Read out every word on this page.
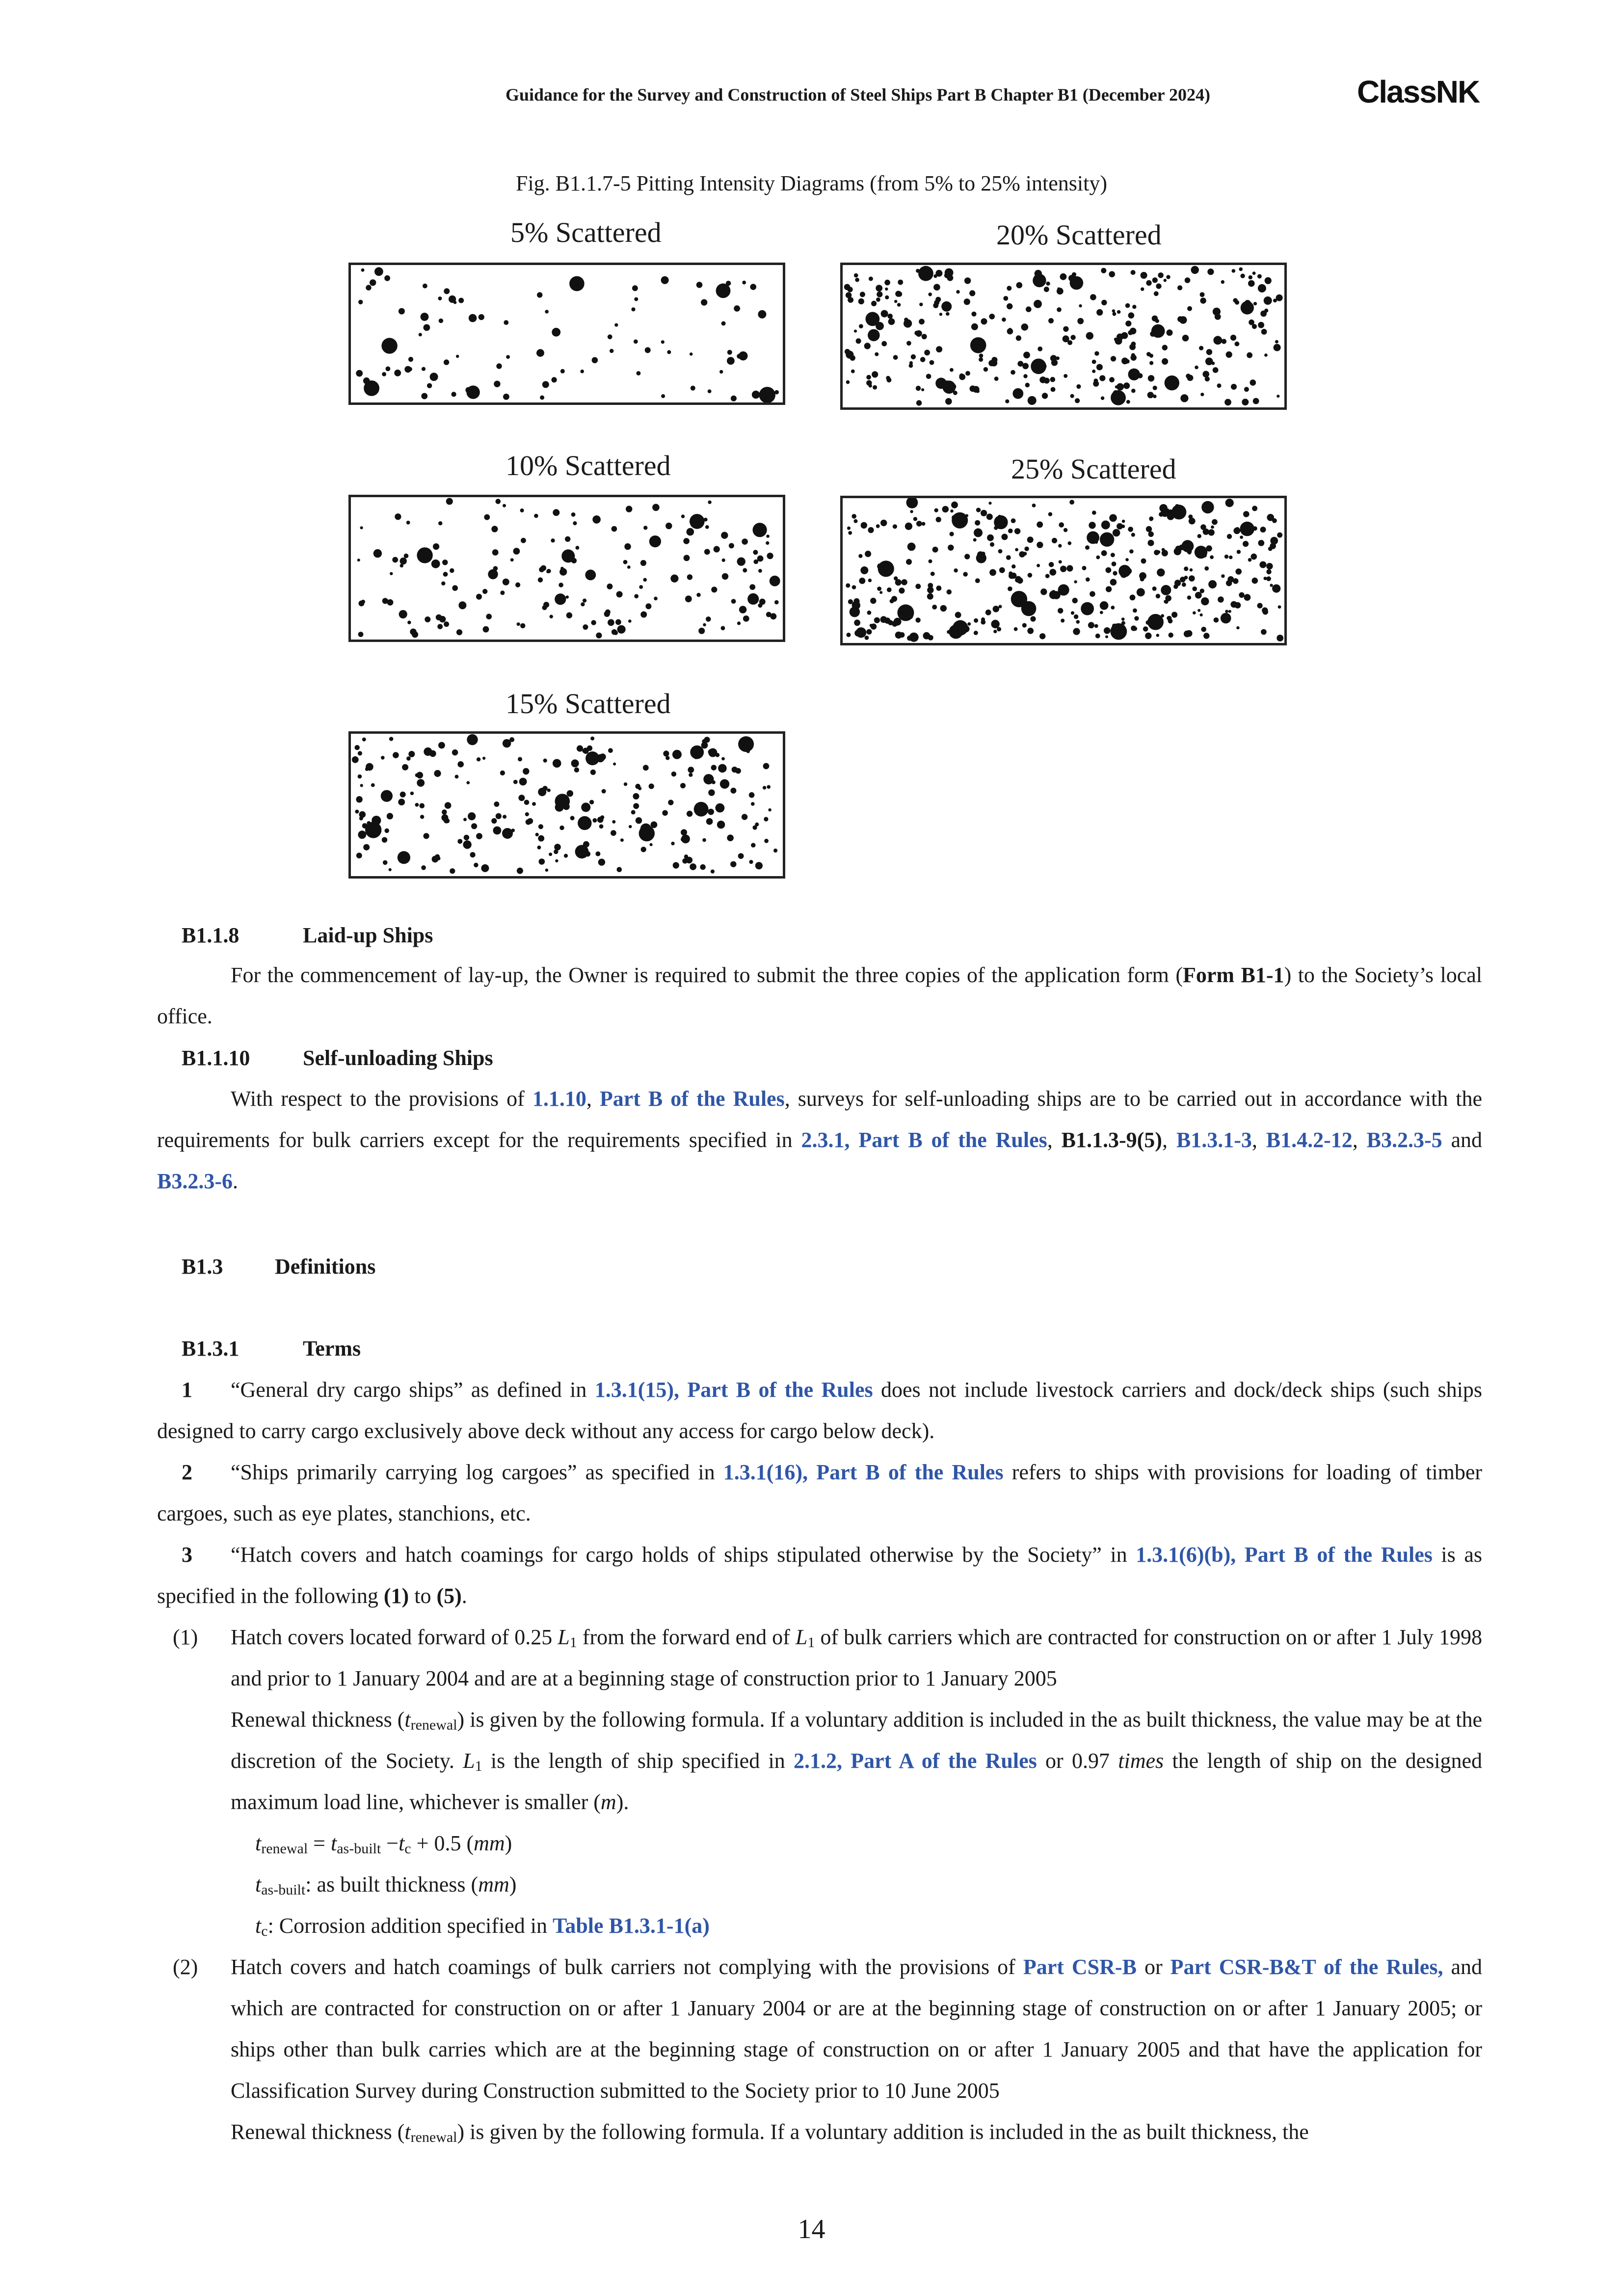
Guidance for the Survey and Construction of Steel Ships Part B Chapter B1 (December 2024)	ClassNK
Fig. B1.1.7-5 Pitting Intensity Diagrams (from 5% to 25% intensity)
5% Scattered	20% Scattered
10% Scattered	25% Scattered
15% Scattered
B1.1.8	Laid-up Ships
For the commencement of lay-up, the Owner is required to submit the three copies of the application form (Form B1-1) to the Society’s local office.
B1.1.10 Self-unloading Ships
With respect to the provisions of 1.1.10, Part B of the Rules, surveys for self-unloading ships are to be carried out in accordance with the requirements for bulk carriers except for the requirements specified in 2.3.1, Part B of the Rules, B1.1.3-9(5), B1.3.1-3, B1.4.2-12, B3.2.3-5 and B3.2.3-6.
B1.3 Definitions
B1.3.1	Terms
1 “General dry cargo ships” as defined in 1.3.1(15), Part B of the Rules does not include livestock carriers and dock/deck ships (such ships designed to carry cargo exclusively above deck without any access for cargo below deck).
2 “Ships primarily carrying log cargoes” as specified in 1.3.1(16), Part B of the Rules refers to ships with provisions for loading of timber cargoes, such as eye plates, stanchions, etc.
3 “Hatch covers and hatch coamings for cargo holds of ships stipulated otherwise by the Society” in 1.3.1(6)(b), Part B of the Rules is as specified in the following (1) to (5).
(1) Hatch covers located forward of 0.25 $L_1$ from the forward end of $L_1$ of bulk carriers which are contracted for construction on or after 1 July 1998 and prior to 1 January 2004 and are at a beginning stage of construction prior to 1 January 2005
Renewal thickness $(t_{renewal})$ is given by the following formula. If a voluntary addition is included in the as built thickness, the value may be at the discretion of the Society. $L_1$ is the length of ship specified in 2.1.2, Part A of the Rules or 0.97 times the length of ship on the designed maximum load line, whichever is smaller (m).
$t_{renewal} = t_{as-built} -t_c + 0.5$ (mm)
$t_{as-built}$: as built thickness (mm)
$t_c$: Corrosion addition specified in Table B1.3.1-1(a)
(2) Hatch covers and hatch coamings of bulk carriers not complying with the provisions of Part CSR-B or Part CSR-B&T of the Rules, and which are contracted for construction on or after 1 January 2004 or are at the beginning stage of construction on or after 1 January 2005; or ships other than bulk carries which are at the beginning stage of construction on or after 1 January 2005 and that have the application for Classification Survey during Construction submitted to the Society prior to 10 June 2005
Renewal thickness $(t_{renewal})$ is given by the following formula. If a voluntary addition is included in the as built thickness, the
14
